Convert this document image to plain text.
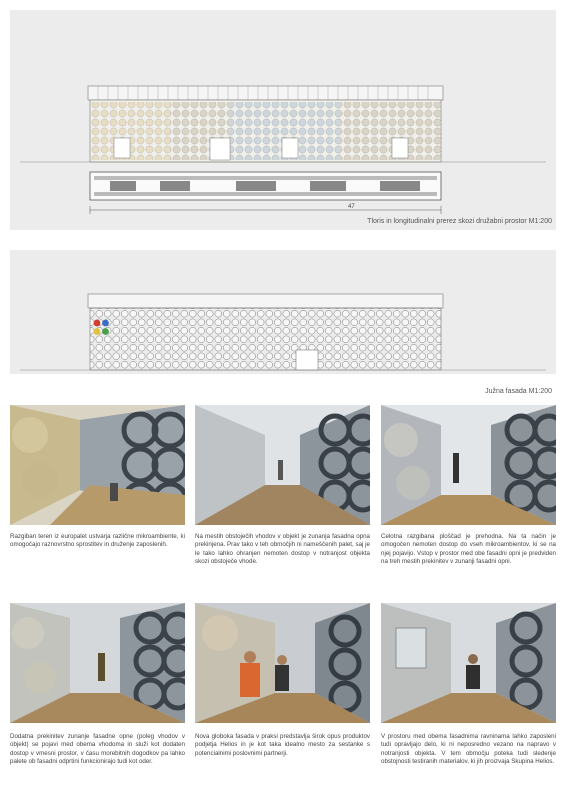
47
Tloris in longitudinalni prerez skozi družabni prostor M1:200
Južna fasada M1:200
Razgiban teren iz europalet ustvarja različne mikroambiente, ki omogočajo raznovrstno sprostitev in druženje zaposlenih.
Na mestih obstoječih vhodov v objekt je zunanja fasadna opna prekinjena. Prav tako v teh območjih ni nameščenih palet, saj je le tako lahko ohranjen nemoten dostop v notranjost objekta skozi obstoječe vhode.
Celotna razgibana ploščad je prehodna. Na ta način je omogočen nemoten dostop do vseh mikroambientov, ki se na njej pojavijo. Vstop v prostor med obe fasadni opni je predviden na treh mestih prekinitev v zunanji fasadni opni.
Dodatna prekinitev zunanje fasadne opne (poleg vhodov v objekt) se pojavi med obema vhodoma in služi kot dodaten dostop v vmesni prostor, v času morebitnih dogodkov pa lahko palete ob fasadni odprtini funkcionirajo tudi kot oder.
Nova globoka fasada v praksi predstavlja širok opus produktov podjetja Helios in je kot taka idealno mesto za sestanke s potencialnimi poslovnimi partnerji.
V prostoru med obema fasadnima ravninama lahko zaposleni tudi opravljajo delo, ki ni neposredno vezano na napravo v notranjosti objekta. V tem območju poteka tudi sledenje obstojnosti testiranih materialov, ki jih proizvaja Skupina Helios.
